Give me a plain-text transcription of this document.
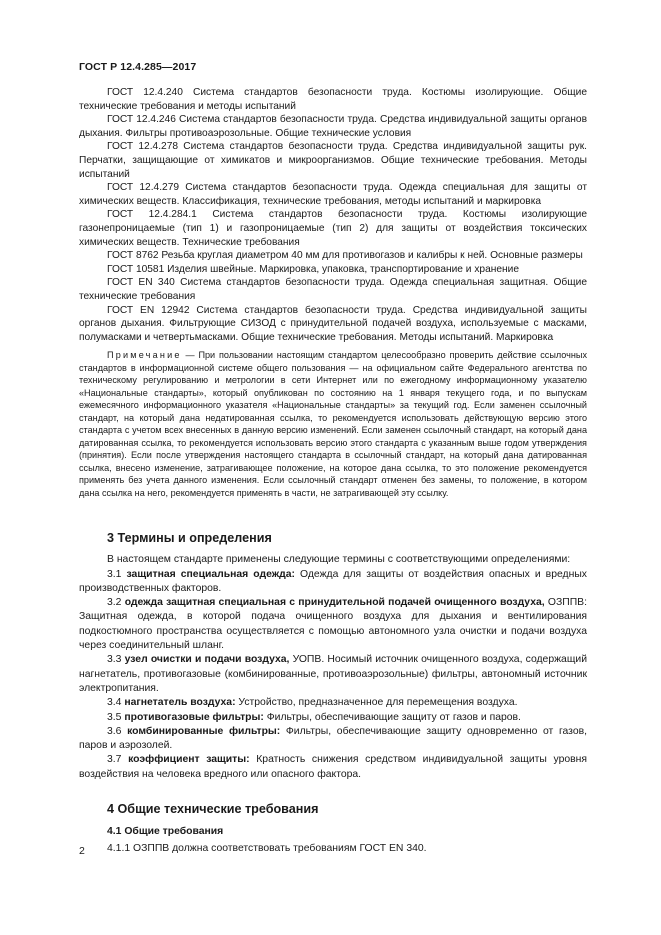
ГОСТ Р 12.4.285—2017

ГОСТ 12.4.240 Система стандартов безопасности труда. Костюмы изолирующие. Общие технические требования и методы испытаний

ГОСТ 12.4.246 Система стандартов безопасности труда. Средства индивидуальной защиты органов дыхания. Фильтры противоаэрозольные. Общие технические условия

ГОСТ 12.4.278 Система стандартов безопасности труда. Средства индивидуальной защиты рук. Перчатки, защищающие от химикатов и микроорганизмов. Общие технические требования. Методы испытаний

ГОСТ 12.4.279 Система стандартов безопасности труда. Одежда специальная для защиты от химических веществ. Классификация, технические требования, методы испытаний и маркировка

ГОСТ 12.4.284.1 Система стандартов безопасности труда. Костюмы изолирующие газонепроницаемые (тип 1) и газопроницаемые (тип 2) для защиты от воздействия токсических химических веществ. Технические требования

ГОСТ 8762 Резьба круглая диаметром 40 мм для противогазов и калибры к ней. Основные размеры

ГОСТ 10581 Изделия швейные. Маркировка, упаковка, транспортирование и хранение

ГОСТ EN 340 Система стандартов безопасности труда. Одежда специальная защитная. Общие технические требования

ГОСТ EN 12942 Система стандартов безопасности труда. Средства индивидуальной защиты органов дыхания. Фильтрующие СИЗОД с принудительной подачей воздуха, используемые с масками, полумасками и четвертьмасками. Общие технические требования. Методы испытаний. Маркировка

Примечание — При пользовании настоящим стандартом целесообразно проверить действие ссылочных стандартов в информационной системе общего пользования — на официальном сайте Федерального агентства по техническому регулированию и метрологии в сети Интернет или по ежегодному информационному указателю «Национальные стандарты», который опубликован по состоянию на 1 января текущего года, и по выпускам ежемесячного информационного указателя «Национальные стандарты» за текущий год. Если заменен ссылочный стандарт, на который дана недатированная ссылка, то рекомендуется использовать действующую версию этого стандарта с учетом всех внесенных в данную версию изменений. Если заменен ссылочный стандарт, на который дана датированная ссылка, то рекомендуется использовать версию этого стандарта с указанным выше годом утверждения (принятия). Если после утверждения настоящего стандарта в ссылочный стандарт, на который дана датированная ссылка, внесено изменение, затрагивающее положение, на которое дана ссылка, то это положение рекомендуется применять без учета данного изменения. Если ссылочный стандарт отменен без замены, то положение, в котором дана ссылка на него, рекомендуется применять в части, не затрагивающей эту ссылку.

3 Термины и определения

В настоящем стандарте применены следующие термины с соответствующими определениями:

3.1 защитная специальная одежда: Одежда для защиты от воздействия опасных и вредных производственных факторов.

3.2 одежда защитная специальная с принудительной подачей очищенного воздуха, ОЗППВ: Защитная одежда, в которой подача очищенного воздуха для дыхания и вентилирования подкостюмного пространства осуществляется с помощью автономного узла очистки и подачи воздуха через соединительный шланг.

3.3 узел очистки и подачи воздуха, УОПВ. Носимый источник очищенного воздуха, содержащий нагнетатель, противогазовые (комбинированные, противоаэрозольные) фильтры, автономный источник электропитания.

3.4 нагнетатель воздуха: Устройство, предназначенное для перемещения воздуха.

3.5 противогазовые фильтры: Фильтры, обеспечивающие защиту от газов и паров.

3.6 комбинированные фильтры: Фильтры, обеспечивающие защиту одновременно от газов, паров и аэрозолей.

3.7 коэффициент защиты: Кратность снижения средством индивидуальной защиты уровня воздействия на человека вредного или опасного фактора.

4 Общие технические требования
4.1 Общие требования

4.1.1 ОЗППВ должна соответствовать требованиям ГОСТ EN 340.

2
